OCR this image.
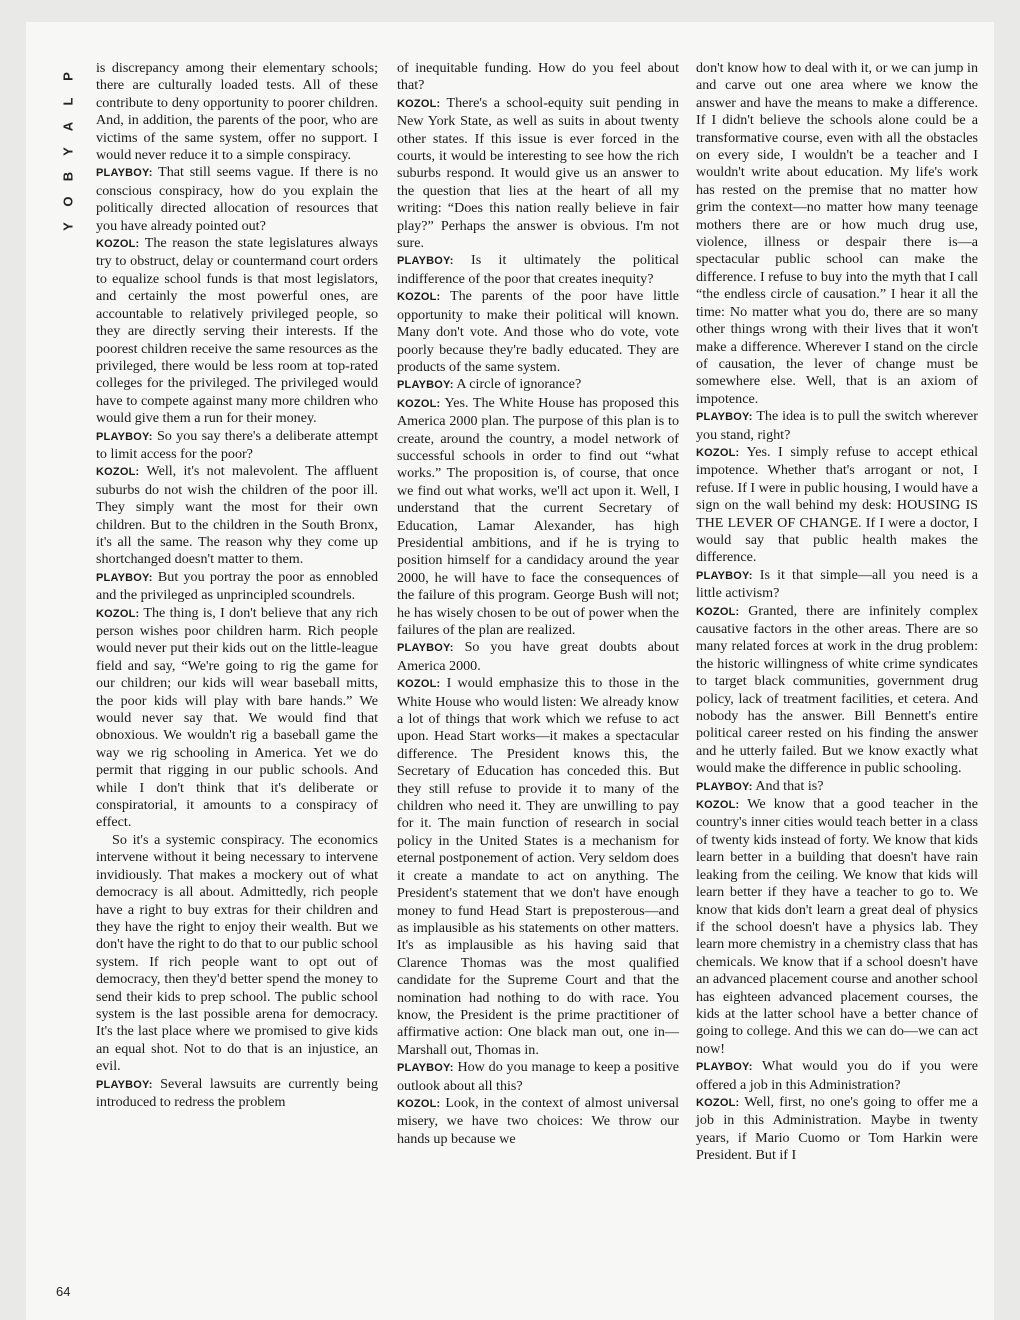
P
L
A
Y
B
O
Y
64

is discrepancy among their elementary schools; there are culturally loaded tests. All of these contribute to deny opportunity to poorer children. And, in addition, the parents of the poor, who are victims of the same system, offer no support. I would never reduce it to a simple conspiracy.

PLAYBOY: That still seems vague. If there is no conscious conspiracy, how do you explain the politically directed allocation of resources that you have already pointed out?

KOZOL: The reason the state legislatures always try to obstruct, delay or countermand court orders to equalize school funds is that most legislators, and certainly the most powerful ones, are accountable to relatively privileged people, so they are directly serving their interests. If the poorest children receive the same resources as the privileged, there would be less room at top-rated colleges for the privileged. The privileged would have to compete against many more children who would give them a run for their money.

PLAYBOY: So you say there's a deliberate attempt to limit access for the poor?

KOZOL: Well, it's not malevolent. The affluent suburbs do not wish the children of the poor ill. They simply want the most for their own children. But to the children in the South Bronx, it's all the same. The reason why they come up shortchanged doesn't matter to them.

PLAYBOY: But you portray the poor as ennobled and the privileged as unprincipled scoundrels.

KOZOL: The thing is, I don't believe that any rich person wishes poor children harm. Rich people would never put their kids out on the little-league field and say, “We're going to rig the game for our children; our kids will wear baseball mitts, the poor kids will play with bare hands.” We would never say that. We would find that obnoxious. We wouldn't rig a baseball game the way we rig schooling in America. Yet we do permit that rigging in our public schools. And while I don't think that it's deliberate or conspiratorial, it amounts to a conspiracy of effect.

So it's a systemic conspiracy. The economics intervene without it being necessary to intervene invidiously. That makes a mockery out of what democracy is all about. Admittedly, rich people have a right to buy extras for their children and they have the right to enjoy their wealth. But we don't have the right to do that to our public school system. If rich people want to opt out of democracy, then they'd better spend the money to send their kids to prep school. The public school system is the last possible arena for democracy. It's the last place where we promised to give kids an equal shot. Not to do that is an injustice, an evil.

PLAYBOY: Several lawsuits are currently being introduced to redress the problem

of inequitable funding. How do you feel about that?

KOZOL: There's a school-equity suit pending in New York State, as well as suits in about twenty other states. If this issue is ever forced in the courts, it would be interesting to see how the rich suburbs respond. It would give us an answer to the question that lies at the heart of all my writing: “Does this nation really believe in fair play?” Perhaps the answer is obvious. I'm not sure.

PLAYBOY: Is it ultimately the political indifference of the poor that creates inequity?

KOZOL: The parents of the poor have little opportunity to make their political will known. Many don't vote. And those who do vote, vote poorly because they're badly educated. They are products of the same system.

PLAYBOY: A circle of ignorance?

KOZOL: Yes. The White House has proposed this America 2000 plan. The purpose of this plan is to create, around the country, a model network of successful schools in order to find out “what works.” The proposition is, of course, that once we find out what works, we'll act upon it. Well, I understand that the current Secretary of Education, Lamar Alexander, has high Presidential ambitions, and if he is trying to position himself for a candidacy around the year 2000, he will have to face the consequences of the failure of this program. George Bush will not; he has wisely chosen to be out of power when the failures of the plan are realized.

PLAYBOY: So you have great doubts about America 2000.

KOZOL: I would emphasize this to those in the White House who would listen: We already know a lot of things that work which we refuse to act upon. Head Start works—it makes a spectacular difference. The President knows this, the Secretary of Education has conceded this. But they still refuse to provide it to many of the children who need it. They are unwilling to pay for it. The main function of research in social policy in the United States is a mechanism for eternal postponement of action. Very seldom does it create a mandate to act on anything. The President's statement that we don't have enough money to fund Head Start is preposterous—and as implausible as his statements on other matters. It's as implausible as his having said that Clarence Thomas was the most qualified candidate for the Supreme Court and that the nomination had nothing to do with race. You know, the President is the prime practitioner of affirmative action: One black man out, one in—Marshall out, Thomas in.

PLAYBOY: How do you manage to keep a positive outlook about all this?

KOZOL: Look, in the context of almost universal misery, we have two choices: We throw our hands up because we

don't know how to deal with it, or we can jump in and carve out one area where we know the answer and have the means to make a difference. If I didn't believe the schools alone could be a transformative course, even with all the obstacles on every side, I wouldn't be a teacher and I wouldn't write about education. My life's work has rested on the premise that no matter how grim the context—no matter how many teenage mothers there are or how much drug use, violence, illness or despair there is—a spectacular public school can make the difference. I refuse to buy into the myth that I call “the endless circle of causation.” I hear it all the time: No matter what you do, there are so many other things wrong with their lives that it won't make a difference. Wherever I stand on the circle of causation, the lever of change must be somewhere else. Well, that is an axiom of impotence.

PLAYBOY: The idea is to pull the switch wherever you stand, right?

KOZOL: Yes. I simply refuse to accept ethical impotence. Whether that's arrogant or not, I refuse. If I were in public housing, I would have a sign on the wall behind my desk: HOUSING IS THE LEVER OF CHANGE. If I were a doctor, I would say that public health makes the difference.

PLAYBOY: Is it that simple—all you need is a little activism?

KOZOL: Granted, there are infinitely complex causative factors in the other areas. There are so many related forces at work in the drug problem: the historic willingness of white crime syndicates to target black communities, government drug policy, lack of treatment facilities, et cetera. And nobody has the answer. Bill Bennett's entire political career rested on his finding the answer and he utterly failed. But we know exactly what would make the difference in public schooling.

PLAYBOY: And that is?

KOZOL: We know that a good teacher in the country's inner cities would teach better in a class of twenty kids instead of forty. We know that kids learn better in a building that doesn't have rain leaking from the ceiling. We know that kids will learn better if they have a teacher to go to. We know that kids don't learn a great deal of physics if the school doesn't have a physics lab. They learn more chemistry in a chemistry class that has chemicals. We know that if a school doesn't have an advanced placement course and another school has eighteen advanced placement courses, the kids at the latter school have a better chance of going to college. And this we can do—we can act now!

PLAYBOY: What would you do if you were offered a job in this Administration?

KOZOL: Well, first, no one's going to offer me a job in this Administration. Maybe in twenty years, if Mario Cuomo or Tom Harkin were President. But if I
